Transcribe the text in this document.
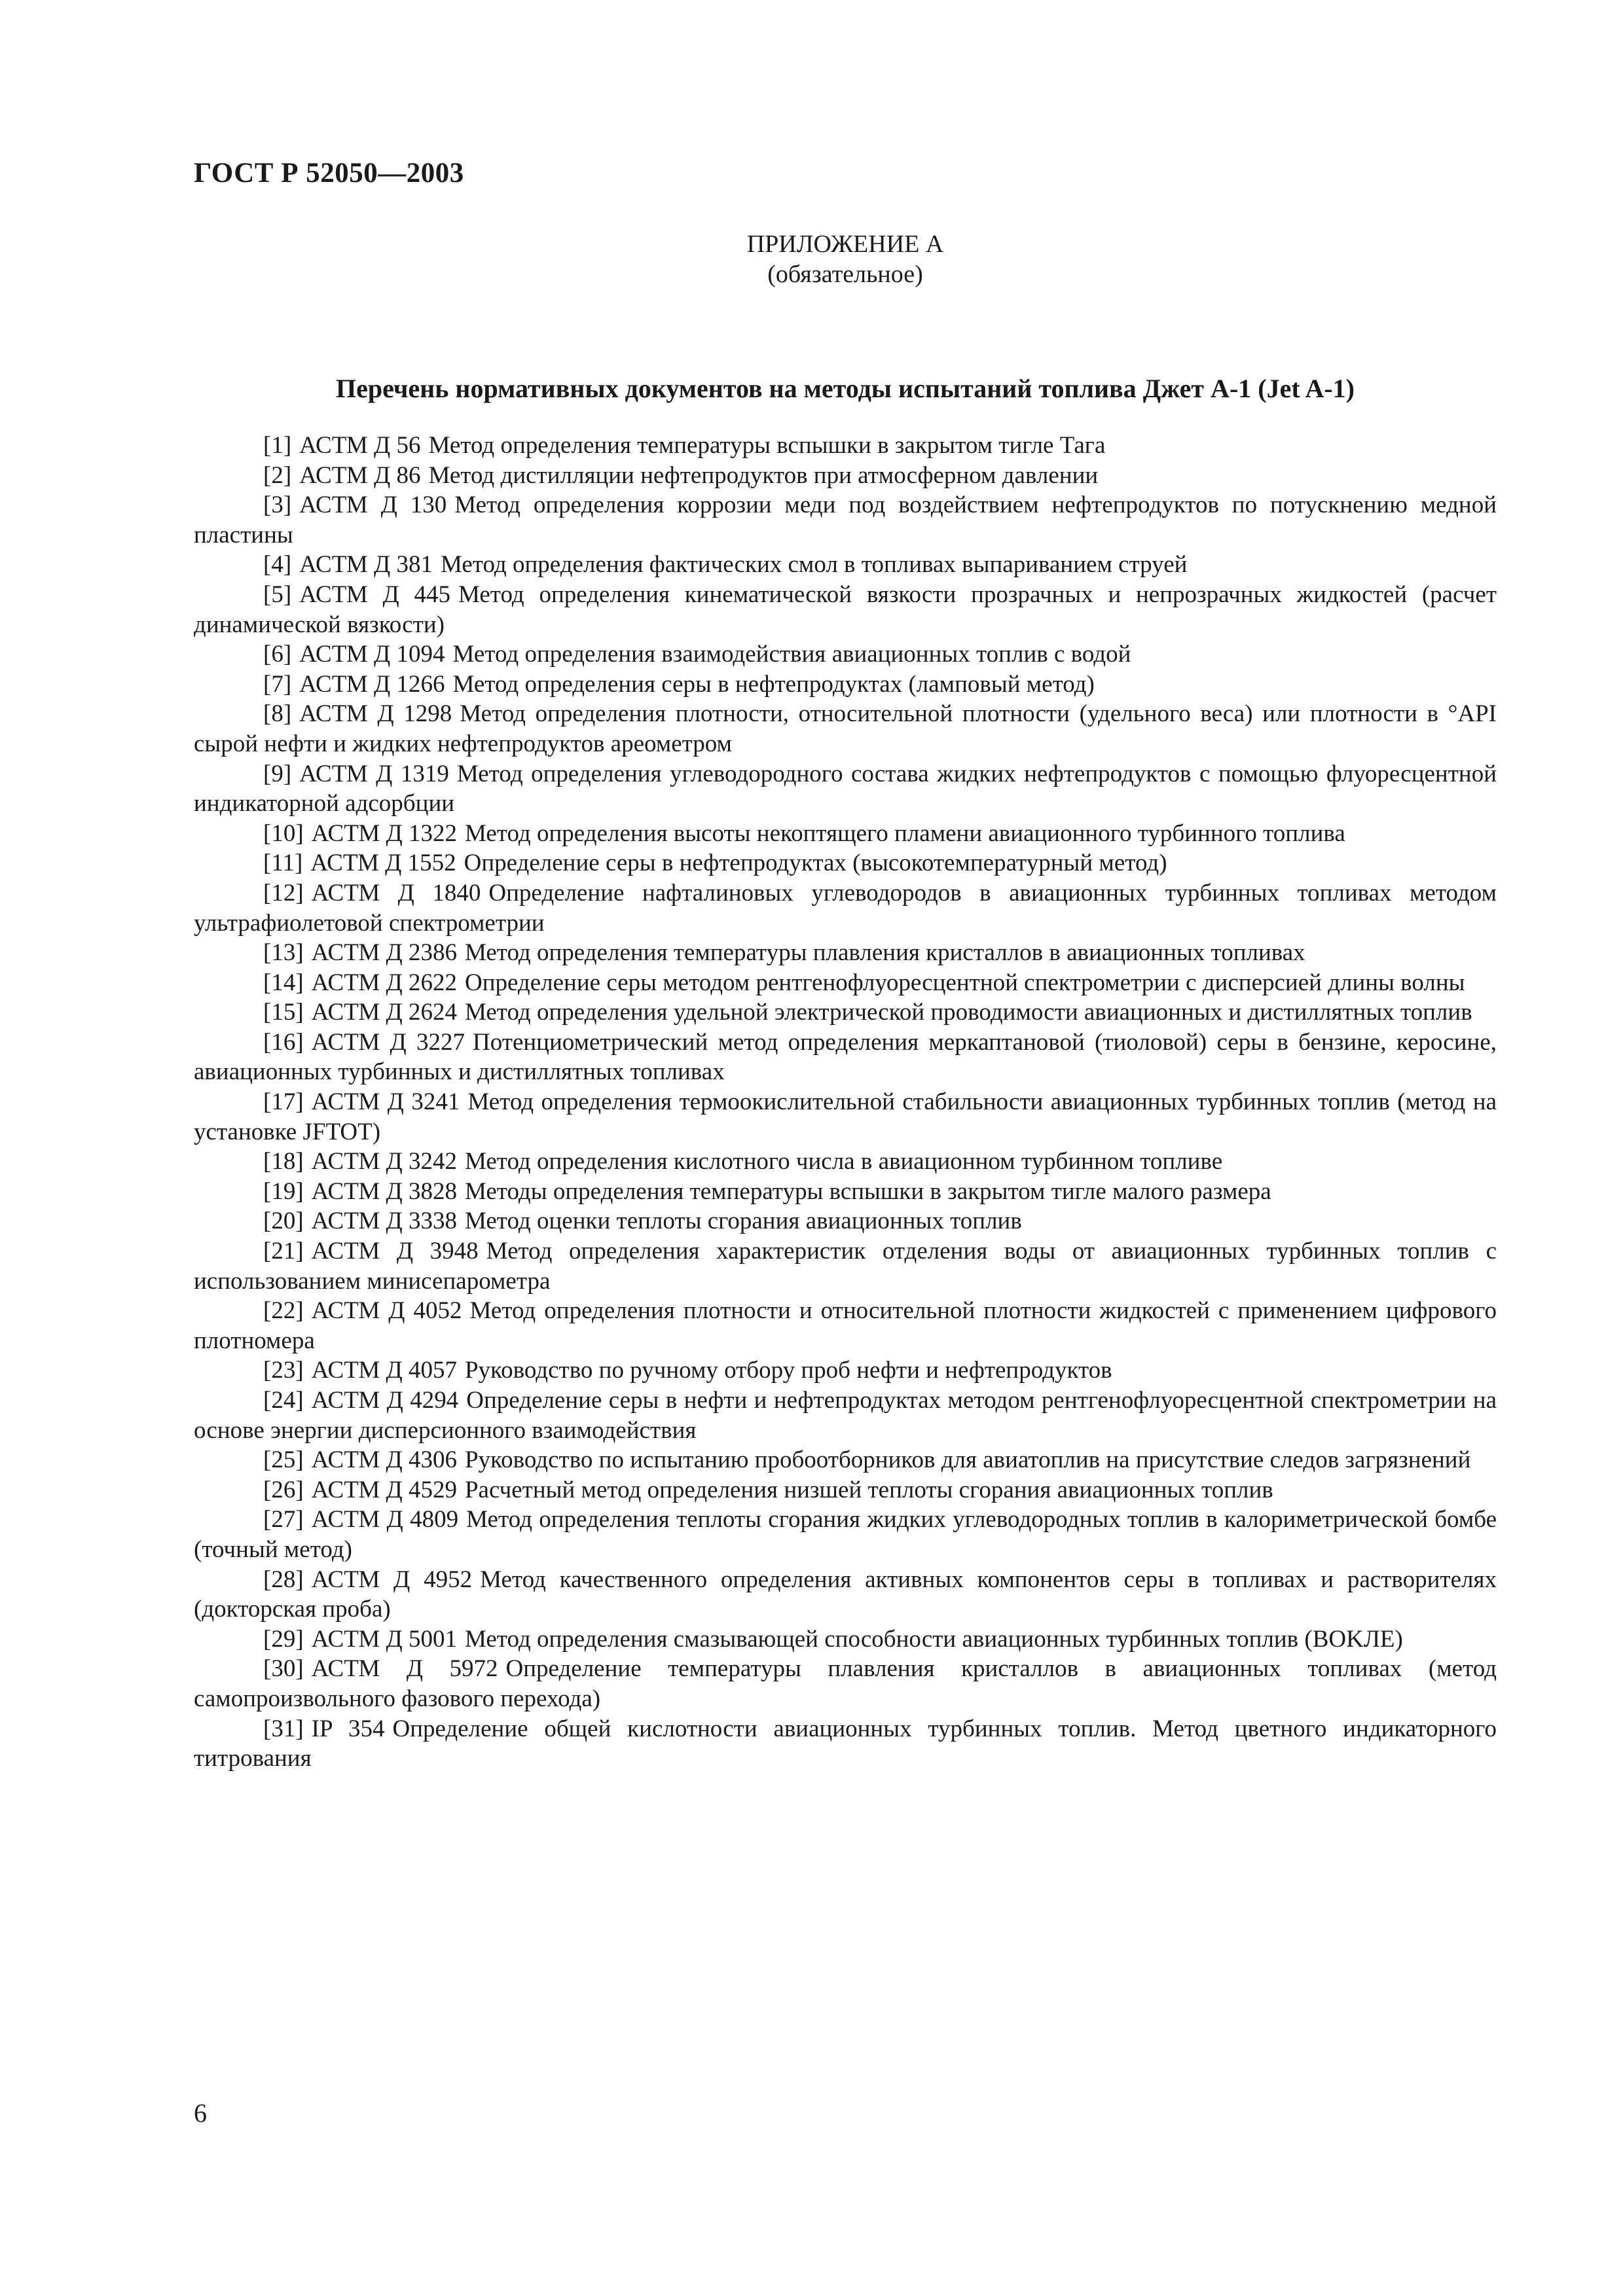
ГОСТ Р 52050—2003
ПРИЛОЖЕНИЕ А
(обязательное)
Перечень нормативных документов на методы испытаний топлива Джет А-1 (Jet A-1)

[1] АСТМ Д 56 Метод определения температуры вспышки в закрытом тигле Тага

[2] АСТМ Д 86 Метод дистилляции нефтепродуктов при атмосферном давлении

[3] АСТМ Д 130 Метод определения коррозии меди под воздействием нефтепродуктов по потускнению медной пластины

[4] АСТМ Д 381 Метод определения фактических смол в топливах выпариванием струей

[5] АСТМ Д 445 Метод определения кинематической вязкости прозрачных и непрозрачных жидкостей (расчет динамической вязкости)

[6] АСТМ Д 1094 Метод определения взаимодействия авиационных топлив с водой

[7] АСТМ Д 1266 Метод определения серы в нефтепродуктах (ламповый метод)

[8] АСТМ Д 1298 Метод определения плотности, относительной плотности (удельного веса) или плотности в °API сырой нефти и жидких нефтепродуктов ареометром

[9] АСТМ Д 1319 Метод определения углеводородного состава жидких нефтепродуктов с помощью флуоресцентной индикаторной адсорбции

[10] АСТМ Д 1322 Метод определения высоты некоптящего пламени авиационного турбинного топлива

[11] АСТМ Д 1552 Определение серы в нефтепродуктах (высокотемпературный метод)

[12] АСТМ Д 1840 Определение нафталиновых углеводородов в авиационных турбинных топливах методом ультрафиолетовой спектрометрии

[13] АСТМ Д 2386 Метод определения температуры плавления кристаллов в авиационных топливах

[14] АСТМ Д 2622 Определение серы методом рентгенофлуоресцентной спектрометрии с дисперсией длины волны

[15] АСТМ Д 2624 Метод определения удельной электрической проводимости авиационных и дистиллятных топлив

[16] АСТМ Д 3227 Потенциометрический метод определения меркаптановой (тиоловой) серы в бензине, керосине, авиационных турбинных и дистиллятных топливах

[17] АСТМ Д 3241 Метод определения термоокислительной стабильности авиационных турбинных топлив (метод на установке JFTOT)

[18] АСТМ Д 3242 Метод определения кислотного числа в авиационном турбинном топливе

[19] АСТМ Д 3828 Методы определения температуры вспышки в закрытом тигле малого размера

[20] АСТМ Д 3338 Метод оценки теплоты сгорания авиационных топлив

[21] АСТМ Д 3948 Метод определения характеристик отделения воды от авиационных турбинных топлив с использованием минисепарометра

[22] АСТМ Д 4052 Метод определения плотности и относительной плотности жидкостей с применением цифрового плотномера

[23] АСТМ Д 4057 Руководство по ручному отбору проб нефти и нефтепродуктов

[24] АСТМ Д 4294 Определение серы в нефти и нефтепродуктах методом рентгенофлуоресцентной спектрометрии на основе энергии дисперсионного взаимодействия

[25] АСТМ Д 4306 Руководство по испытанию пробоотборников для авиатоплив на присутствие следов загрязнений

[26] АСТМ Д 4529 Расчетный метод определения низшей теплоты сгорания авиационных топлив

[27] АСТМ Д 4809 Метод определения теплоты сгорания жидких углеводородных топлив в калориметрической бомбе (точный метод)

[28] АСТМ Д 4952 Метод качественного определения активных компонентов серы в топливах и растворителях (докторская проба)

[29] АСТМ Д 5001 Метод определения смазывающей способности авиационных турбинных топлив (BOKЛE)

[30] АСТМ Д 5972 Определение температуры плавления кристаллов в авиационных топливах (метод самопроизвольного фазового перехода)

[31] IP 354 Определение общей кислотности авиационных турбинных топлив. Метод цветного индикаторного титрования

6
